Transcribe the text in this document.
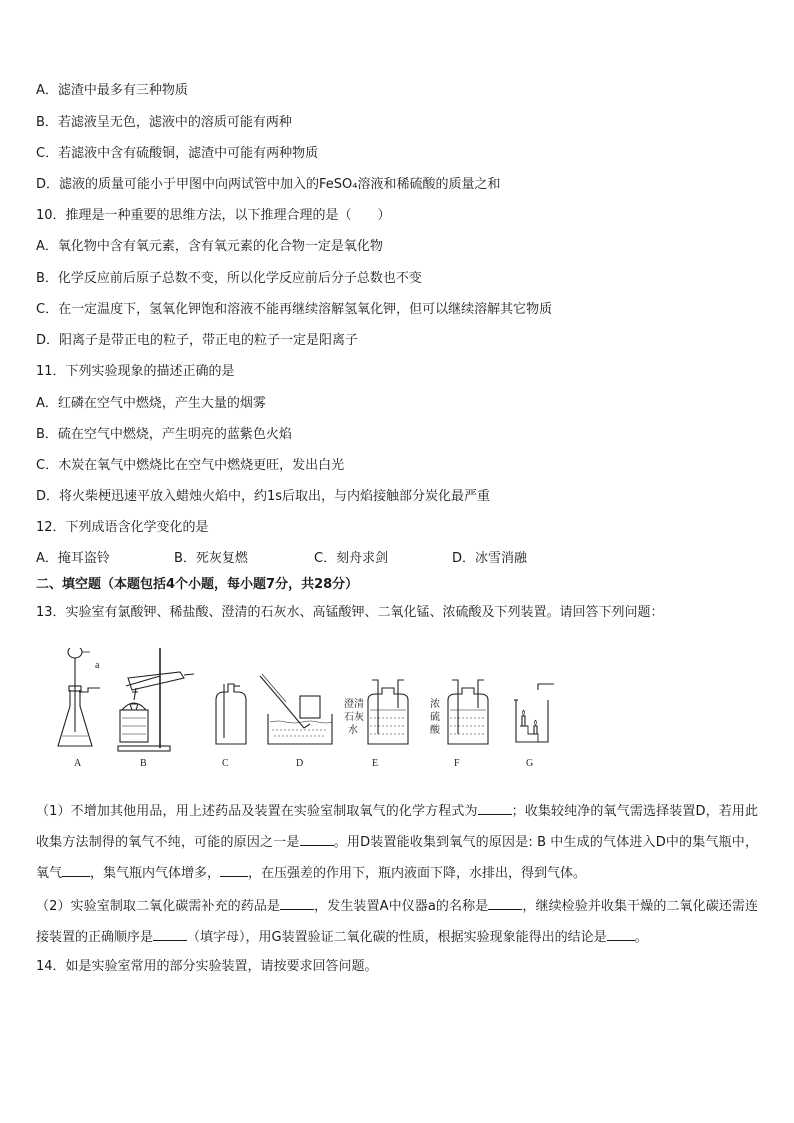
A．滤渣中最多有三种物质
B．若滤液呈无色，滤液中的溶质可能有两种
C．若滤液中含有硫酸铜，滤渣中可能有两种物质
D．滤液的质量可能小于甲图中向两试管中加入的FeSO₄溶液和稀硫酸的质量之和
10．推理是一种重要的思维方法，以下推理合理的是（　　）
A．氧化物中含有氧元素，含有氧元素的化合物一定是氧化物
B．化学反应前后原子总数不变，所以化学反应前后分子总数也不变
C．在一定温度下，氢氧化钾饱和溶液不能再继续溶解氢氧化钾，但可以继续溶解其它物质
D．阳离子是带正电的粒子，带正电的粒子一定是阳离子
11．下列实验现象的描述正确的是
A．红磷在空气中燃烧，产生大量的烟雾
B．硫在空气中燃烧，产生明亮的蓝紫色火焰
C．木炭在氧气中燃烧比在空气中燃烧更旺，发出白光
D．将火柴梗迅速平放入蜡烛火焰中，约1s后取出，与内焰接触部分炭化最严重
12．下列成语含化学变化的是
A．掩耳盗铃	B．死灰复燃	C．刻舟求剑	D．冰雪消融
二、填空题（本题包括4个小题，每小题7分，共28分）
13．实验室有氯酸钾、稀盐酸、澄清的石灰水、高锰酸钾、二氧化锰、浓硫酸及下列装置。请回答下列问题：
a
澄清
石灰
水
浓
硫
酸
A	B	C	D	E	F	G
（1）不增加其他用品，用上述药品及装置在实验室制取氧气的化学方程式为	；收集较纯净的氧气需选择装置D，若用此收集方法制得的氧气不纯，可能的原因之一是	。用D装置能收集到氧气的原因是: B 中生成的气体进入D中的集气瓶中，氧气 ，集气瓶内气体增多， ，在压强差的作用下，瓶内液面下降，水排出，得到气体。
（2）实验室制取二氧化碳需补充的药品是	，发生装置A中仪器a的名称是	，继续检验并收集干燥的二氧化碳还需连接装置的正确顺序是	（填字母），用G装置验证二氧化碳的性质，根据实验现象能得出的结论是 。
14．如是实验室常用的部分实验装置，请按要求回答问题。
